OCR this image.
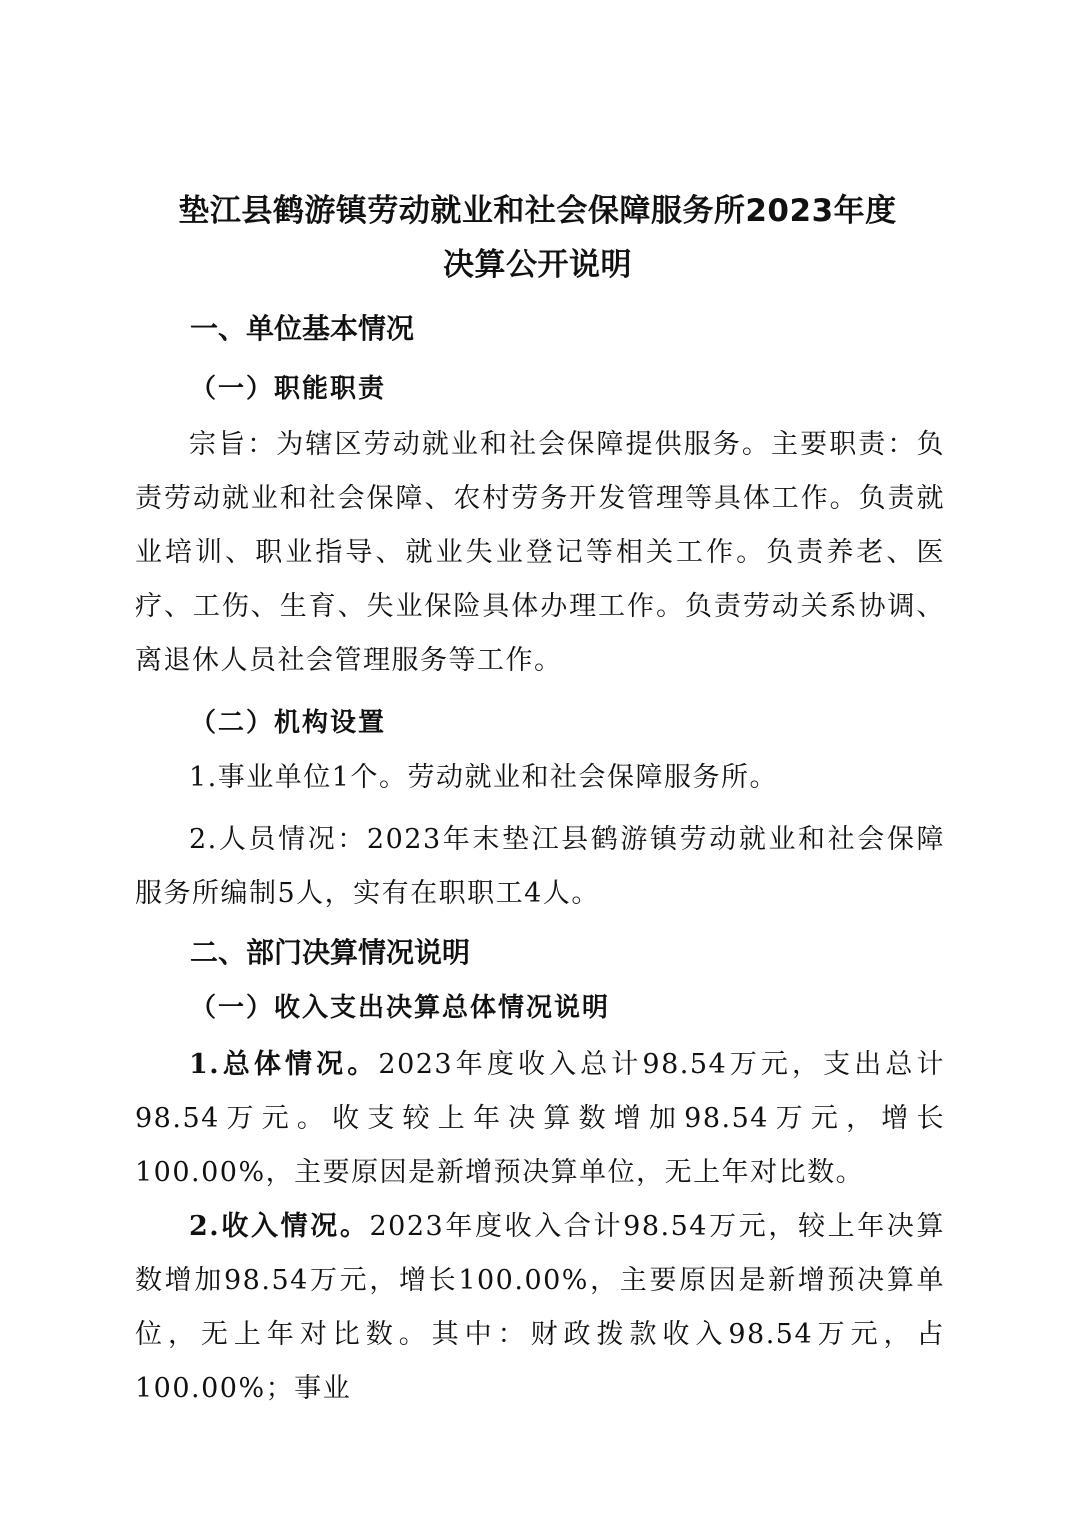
垫江县鹤游镇劳动就业和社会保障服务所2023年度
决算公开说明
一、单位基本情况
（一）职能职责

宗旨：为辖区劳动就业和社会保障提供服务。主要职责：负责劳动就业和社会保障、农村劳务开发管理等具体工作。负责就业培训、职业指导、就业失业登记等相关工作。负责养老、医疗、工伤、生育、失业保险具体办理工作。负责劳动关系协调、离退休人员社会管理服务等工作。

（二）机构设置

1.事业单位1个。劳动就业和社会保障服务所。

2.人员情况：2023年末垫江县鹤游镇劳动就业和社会保障服务所编制5人，实有在职职工4人。

二、部门决算情况说明
（一）收入支出决算总体情况说明

1.总体情况。2023年度收入总计98.54万元，支出总计98.54万元。收支较上年决算数增加98.54万元，增长100.00%，主要原因是新增预决算单位，无上年对比数。

2.收入情况。2023年度收入合计98.54万元，较上年决算数增加98.54万元，增长100.00%，主要原因是新增预决算单位，无上年对比数。其中：财政拨款收入98.54万元，占100.00%；事业
